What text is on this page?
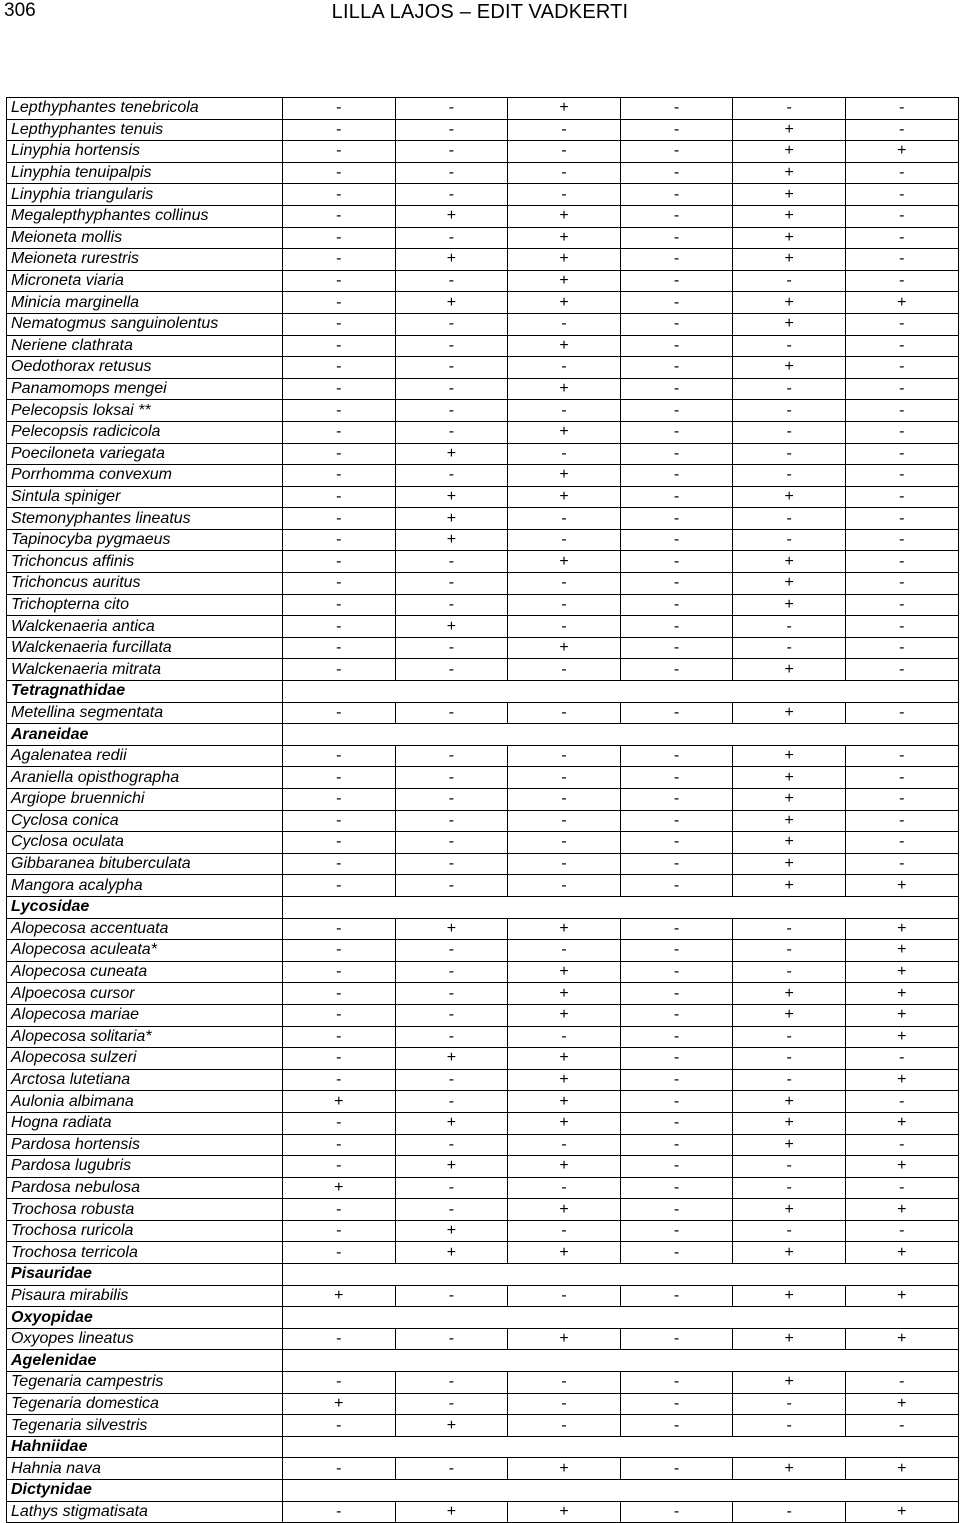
306	LILLA LAJOS – EDIT VADKERTI
Lepthyphantes tenebricola	-	-	+	-	-	-
Lepthyphantes tenuis	-	-	-	-	+	-
Linyphia hortensis	-	-	-	-	+	+
Linyphia tenuipalpis	-	-	-	-	+	-
Linyphia triangularis	-	-	-	-	+	-
Megalepthyphantes collinus	-	+	+	-	+	-
Meioneta mollis	-	-	+	-	+	-
Meioneta rurestris	-	+	+	-	+	-
Microneta viaria	-	-	+	-	-	-
Minicia marginella	-	+	+	-	+	+
Nematogmus sanguinolentus	-	-	-	-	+	-
Neriene clathrata	-	-	+	-	-	-
Oedothorax retusus	-	-	-	-	+	-
Panamomops mengei	-	-	+	-	-	-
Pelecopsis loksai **	-	-	-	-	-	-
Pelecopsis radicicola	-	-	+	-	-	-
Poeciloneta variegata	-	+	-	-	-	-
Porrhomma convexum	-	-	+	-	-	-
Sintula spiniger	-	+	+	-	+	-
Stemonyphantes lineatus	-	+	-	-	-	-
Tapinocyba pygmaeus	-	+	-	-	-	-
Trichoncus affinis	-	-	+	-	+	-
Trichoncus auritus	-	-	-	-	+	-
Trichopterna cito	-	-	-	-	+	-
Walckenaeria antica	-	+	-	-	-	-
Walckenaeria furcillata	-	-	+	-	-	-
Walckenaeria mitrata	-	-	-	-	+	-
Tetragnathidae						
Metellina segmentata	-	-	-	-	+	-
Araneidae						
Agalenatea redii	-	-	-	-	+	-
Araniella opisthographa	-	-	-	-	+	-
Argiope bruennichi	-	-	-	-	+	-
Cyclosa conica	-	-	-	-	+	-
Cyclosa oculata	-	-	-	-	+	-
Gibbaranea bituberculata	-	-	-	-	+	-
Mangora acalypha	-	-	-	-	+	+
Lycosidae						
Alopecosa accentuata	-	+	+	-	-	+
Alopecosa aculeata*	-	-	-	-	-	+
Alopecosa cuneata	-	-	+	-	-	+
Alpoecosa cursor	-	-	+	-	+	+
Alopecosa mariae	-	-	+	-	+	+
Alopecosa solitaria*	-	-	-	-	-	+
Alopecosa sulzeri	-	+	+	-	-	-
Arctosa lutetiana	-	-	+	-	-	+
Aulonia albimana	+	-	+	-	+	-
Hogna radiata	-	+	+	-	+	+
Pardosa hortensis	-	-	-	-	+	-
Pardosa lugubris	-	+	+	-	-	+
Pardosa nebulosa	+	-	-	-	-	-
Trochosa robusta	-	-	+	-	+	+
Trochosa ruricola	-	+	-	-	-	-
Trochosa terricola	-	+	+	-	+	+
Pisauridae						
Pisaura mirabilis	+	-	-	-	+	+
Oxyopidae						
Oxyopes lineatus	-	-	+	-	+	+
Agelenidae						
Tegenaria campestris	-	-	-	-	+	-
Tegenaria domestica	+	-	-	-	-	+
Tegenaria silvestris	-	+	-	-	-	-
Hahniidae						
Hahnia nava	-	-	+	-	+	+
Dictynidae						
Lathys stigmatisata	-	+	+	-	-	+
